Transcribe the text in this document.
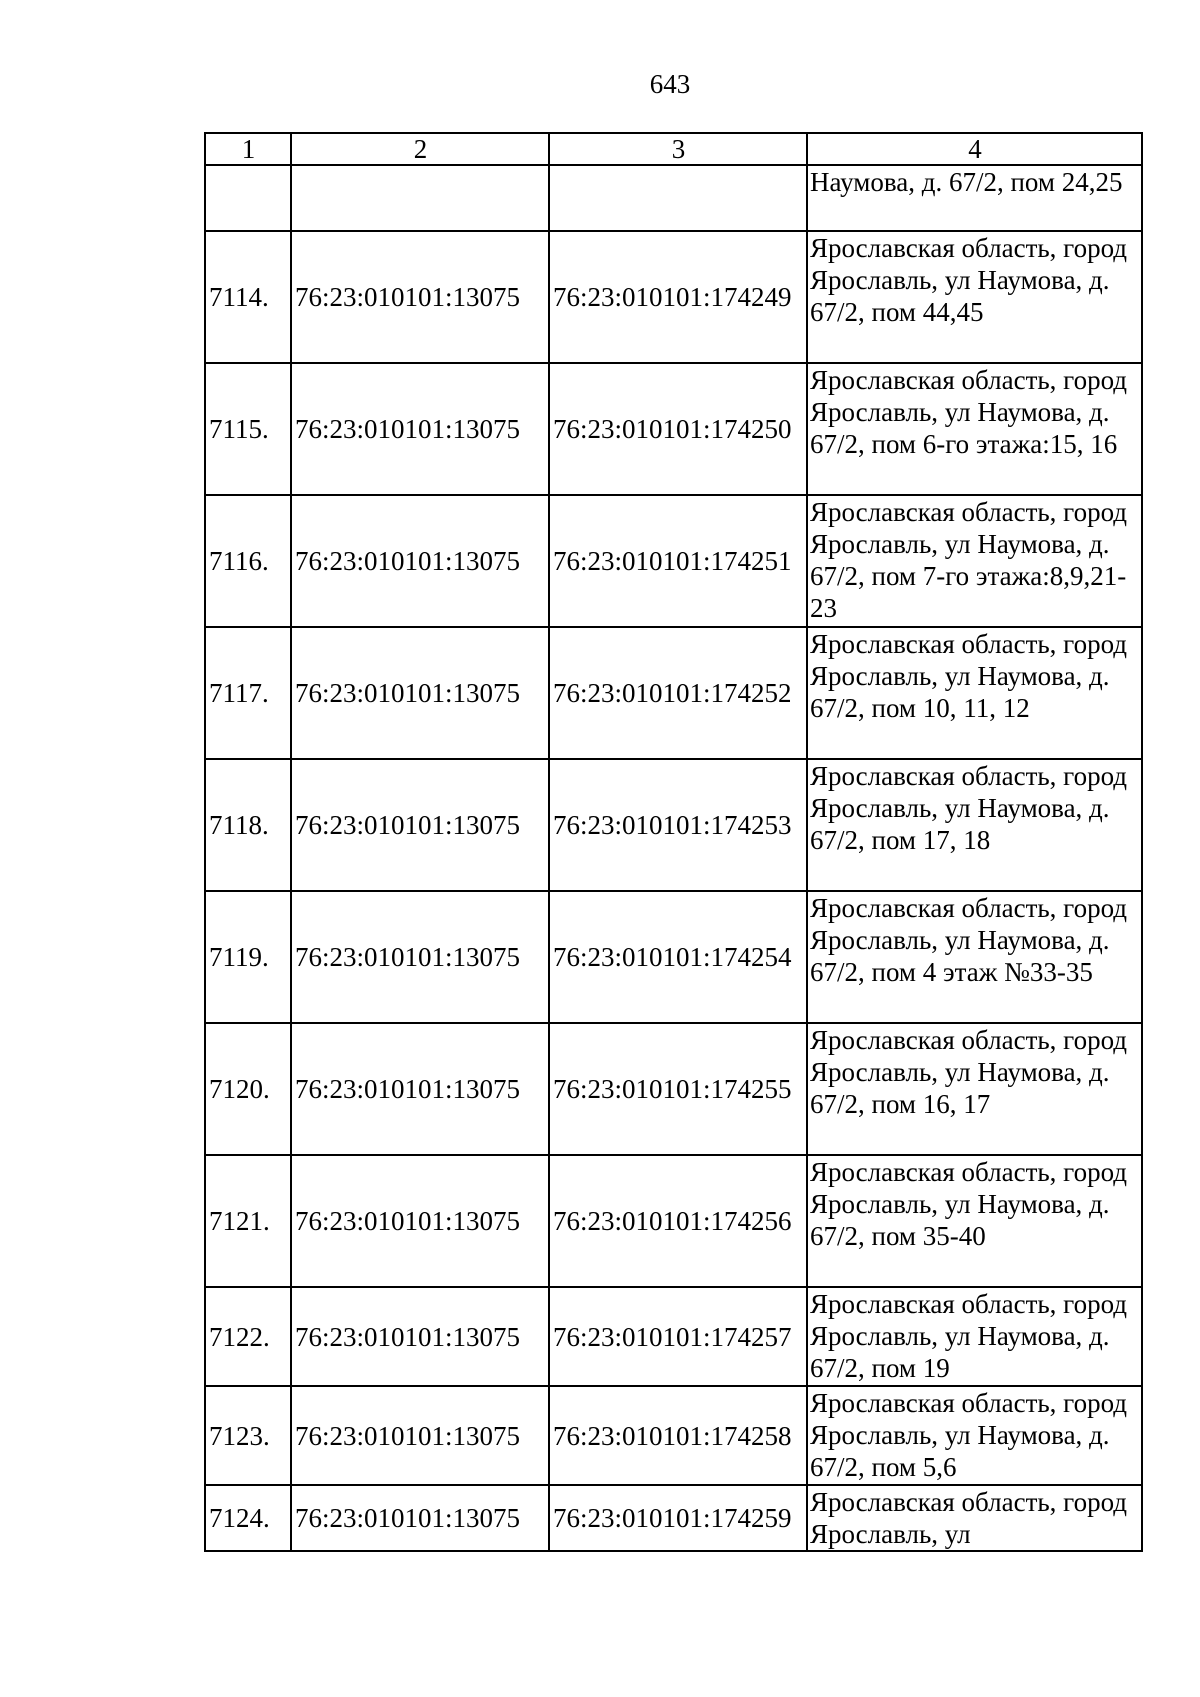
643
1	2	3	4
			Наумова, д. 67/2, пом 24,25
7114.	76:23:010101:13075	76:23:010101:174249	Ярославская область, город Ярославль, ул Наумова, д. 67/2, пом 44,45
7115.	76:23:010101:13075	76:23:010101:174250	Ярославская область, город Ярославль, ул Наумова, д. 67/2, пом 6-го этажа:15, 16
7116.	76:23:010101:13075	76:23:010101:174251	Ярославская область, город Ярославль, ул Наумова, д. 67/2, пом 7-го этажа:8,9,21-23
7117.	76:23:010101:13075	76:23:010101:174252	Ярославская область, город Ярославль, ул Наумова, д. 67/2, пом 10, 11, 12
7118.	76:23:010101:13075	76:23:010101:174253	Ярославская область, город Ярославль, ул Наумова, д. 67/2, пом 17, 18
7119.	76:23:010101:13075	76:23:010101:174254	Ярославская область, город Ярославль, ул Наумова, д. 67/2, пом 4 этаж №33-35
7120.	76:23:010101:13075	76:23:010101:174255	Ярославская область, город Ярославль, ул Наумова, д. 67/2, пом 16, 17
7121.	76:23:010101:13075	76:23:010101:174256	Ярославская область, город Ярославль, ул Наумова, д. 67/2, пом 35-40
7122.	76:23:010101:13075	76:23:010101:174257	Ярославская область, город Ярославль, ул Наумова, д. 67/2, пом 19
7123.	76:23:010101:13075	76:23:010101:174258	Ярославская область, город Ярославль, ул Наумова, д. 67/2, пом 5,6
7124.	76:23:010101:13075	76:23:010101:174259	Ярославская область, город Ярославль, ул
